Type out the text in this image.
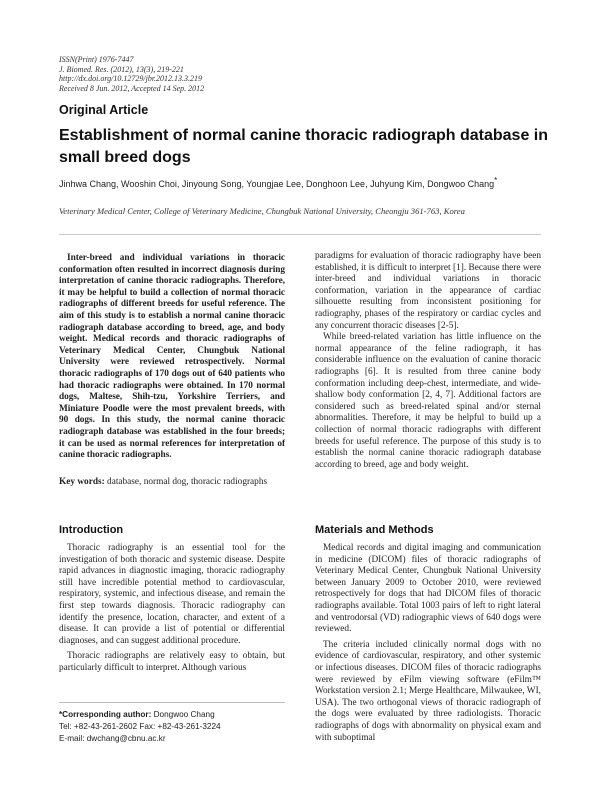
ISSN(Print) 1976-7447
J. Biomed. Res. (2012), 13(3), 219-221
http://dx.doi.org/10.12729/jbr.2012.13.3.219
Received 8 Jun. 2012, Accepted 14 Sep. 2012
Original Article
Establishment of normal canine thoracic radiograph database in small breed dogs
Jinhwa Chang, Wooshin Choi, Jinyoung Song, Youngjae Lee, Donghoon Lee, Juhyung Kim, Dongwoo Chang*
Veterinary Medical Center, College of Veterinary Medicine, Chungbuk National University, Cheongju 361-763, Korea

Inter-breed and individual variations in thoracic conformation often resulted in incorrect diagnosis during interpretation of canine thoracic radiographs. Therefore, it may be helpful to build a collection of normal thoracic radiographs of different breeds for useful reference. The aim of this study is to establish a normal canine thoracic radiograph database according to breed, age, and body weight. Medical records and thoracic radiographs of Veterinary Medical Center, Chungbuk National University were reviewed retrospectively. Normal thoracic radiographs of 170 dogs out of 640 patients who had thoracic radiographs were obtained. In 170 normal dogs, Maltese, Shih-tzu, Yorkshire Terriers, and Miniature Poodle were the most prevalent breeds, with 90 dogs. In this study, the normal canine thoracic radiograph database was established in the four breeds; it can be used as normal references for interpretation of canine thoracic radiographs.

Key words: database, normal dog, thoracic radiographs

paradigms for evaluation of thoracic radiography have been established, it is difficult to interpret [1]. Because there were inter-breed and individual variations in thoracic conformation, variation in the appearance of cardiac silhouette resulting from inconsistent positioning for radiography, phases of the respiratory or cardiac cycles and any concurrent thoracic diseases [2-5].

While breed-related variation has little influence on the normal appearance of the feline radiograph, it has considerable influence on the evaluation of canine thoracic radiographs [6]. It is resulted from three canine body conformation including deep-chest, intermediate, and wide-shallow body conformation [2, 4, 7]. Additional factors are considered such as breed-related spinal and/or sternal abnormalities. Therefore, it may be helpful to build up a collection of normal thoracic radiographs with different breeds for useful reference. The purpose of this study is to establish the normal canine thoracic radiograph database according to breed, age and body weight.

Introduction	Materials and Methods

Thoracic radiography is an essential tool for the investigation of both thoracic and systemic disease. Despite rapid advances in diagnostic imaging, thoracic radiography still have incredible potential method to cardiovascular, respiratory, systemic, and infectious disease, and remain the first step towards diagnosis. Thoracic radiography can identify the presence, location, character, and extent of a disease. It can provide a list of potential or differential diagnoses, and can suggest additional procedure.

Thoracic radiographs are relatively easy to obtain, but particularly difficult to interpret. Although various

Medical records and digital imaging and communication in medicine (DICOM) files of thoracic radiographs of Veterinary Medical Center, Chungbuk National University between January 2009 to October 2010, were reviewed retrospectively for dogs that had DICOM files of thoracic radiographs available. Total 1003 pairs of left to right lateral and ventrodorsal (VD) radiographic views of 640 dogs were reviewed.

The criteria included clinically normal dogs with no evidence of cardiovascular, respiratory, and other systemic or infectious diseases. DICOM files of thoracic radiographs were reviewed by eFilm viewing software (eFilm™ Workstation version 2.1; Merge Healthcare, Milwaukee, WI, USA). The two orthogonal views of thoracic radiograph of the dogs were evaluated by three radiologists. Thoracic radiographs of dogs with abnormality on physical exam and with suboptimal

*Corresponding author: Dongwoo Chang
Tel: +82-43-261-2602 Fax: +82-43-261-3224
E-mail: dwchang@cbnu.ac.kr
